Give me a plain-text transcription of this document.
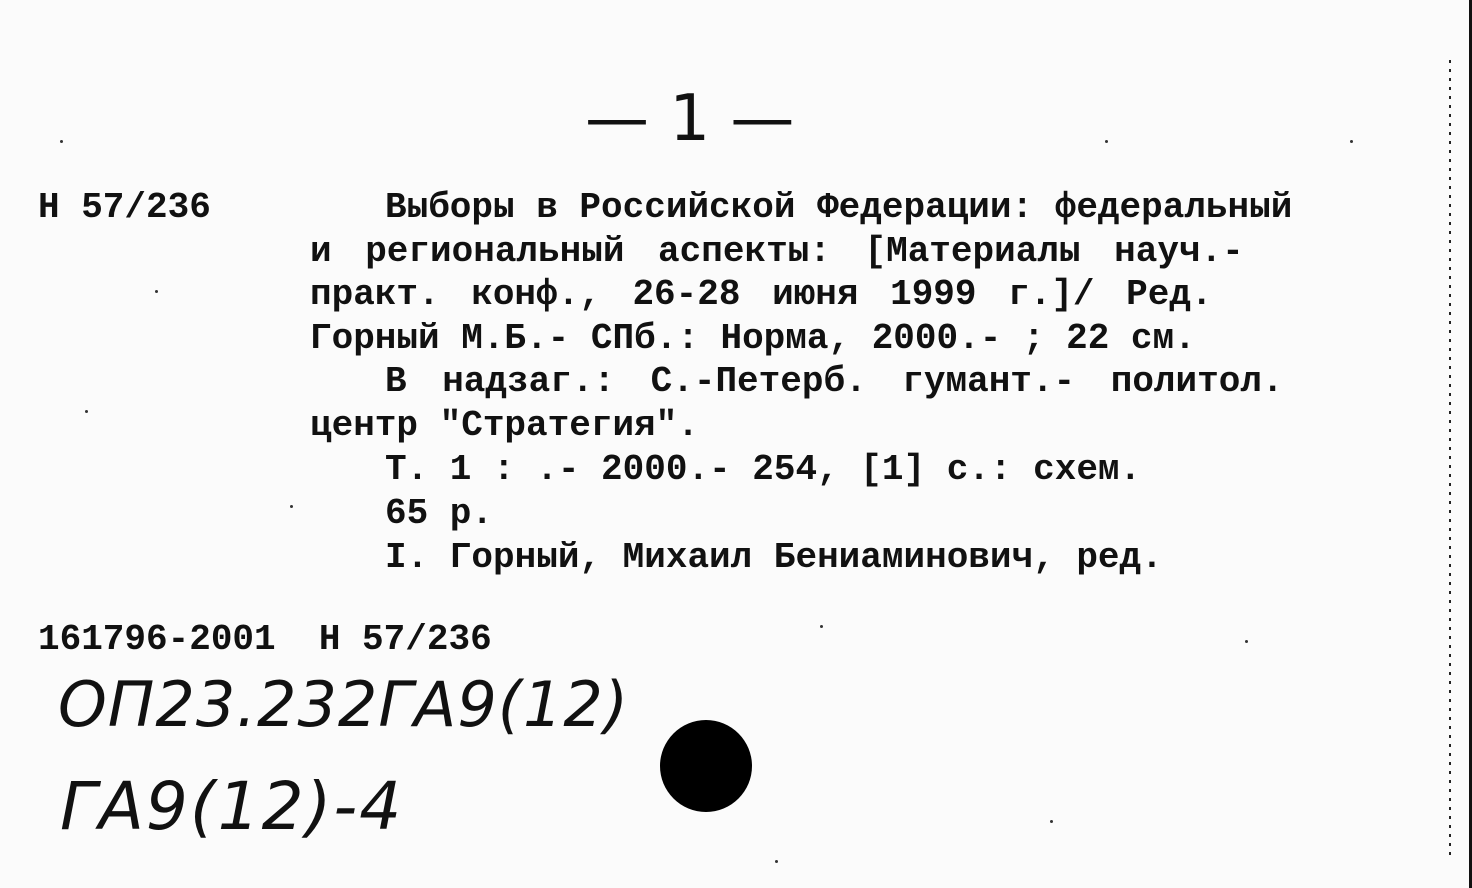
— 1 —
Н 57/236	Выборы в Российской Федерации: федеральный
и региональный аспекты: [Материалы науч.-
практ. конф., 26-28 июня 1999 г.]/ Ред.
Горный М.Б.- СПб.: Норма, 2000.- ; 22 см.
В надзаг.: С.-Петерб. гумант.- политол.
центр "Стратегия".
Т. 1 : .- 2000.- 254, [1] с.: схем.
65 р.
I. Горный, Михаил Бениаминович, ред.
161796-2001  Н 57/236
ОП23.232ГА9(12)
ГА9(12)-4
